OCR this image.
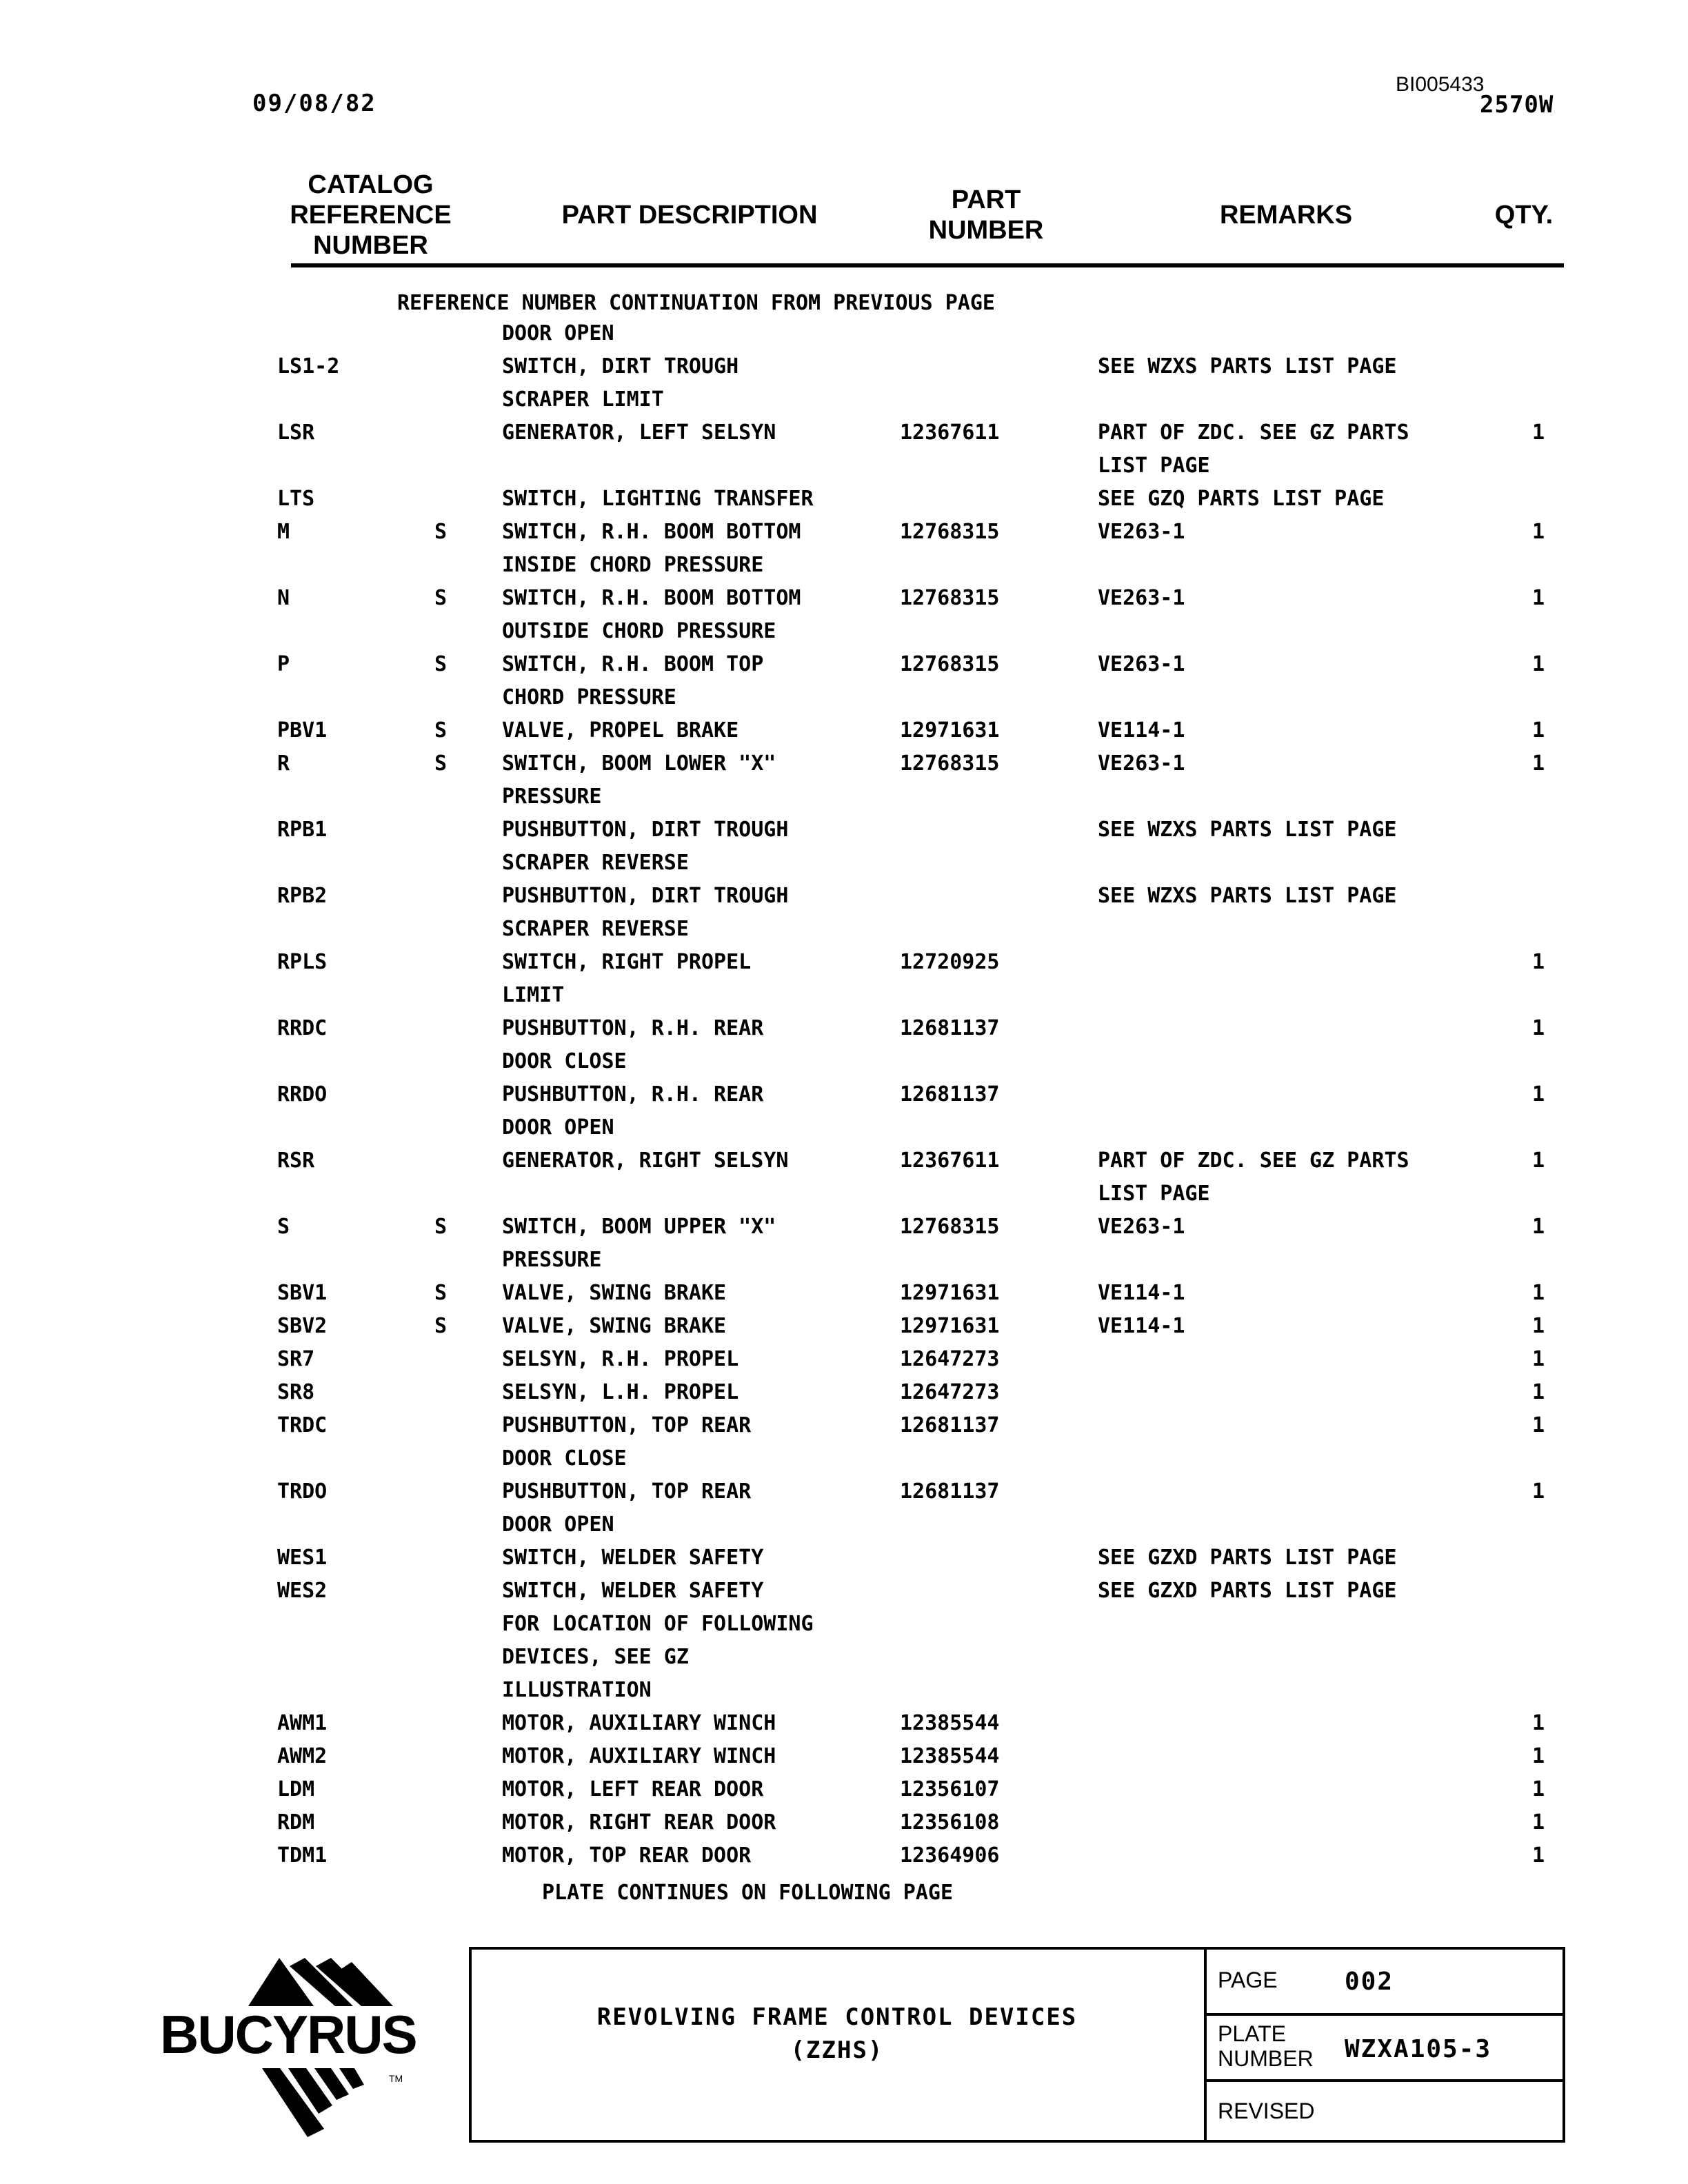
09/08/82
BI005433
2570W
CATALOG
REFERENCE
NUMBER
PART DESCRIPTION
PART
NUMBER
REMARKS	QTY.
REFERENCE NUMBER CONTINUATION FROM PREVIOUS PAGE
DOOR OPEN
LS1-2	SWITCH, DIRT TROUGH	SEE WZXS PARTS LIST PAGE
SCRAPER LIMIT
LSR	GENERATOR, LEFT SELSYN	12367611	PART OF ZDC. SEE GZ PARTS	1
LIST PAGE
LTS	SWITCH, LIGHTING TRANSFER	SEE GZQ PARTS LIST PAGE
M	S	SWITCH, R.H. BOOM BOTTOM	12768315	VE263-1	1
INSIDE CHORD PRESSURE
N	S	SWITCH, R.H. BOOM BOTTOM	12768315	VE263-1	1
OUTSIDE CHORD PRESSURE
P	S	SWITCH, R.H. BOOM TOP	12768315	VE263-1	1
CHORD PRESSURE
PBV1	S	VALVE, PROPEL BRAKE	12971631	VE114-1	1
R	S	SWITCH, BOOM LOWER "X"	12768315	VE263-1	1
PRESSURE
RPB1	PUSHBUTTON, DIRT TROUGH	SEE WZXS PARTS LIST PAGE
SCRAPER REVERSE
RPB2	PUSHBUTTON, DIRT TROUGH	SEE WZXS PARTS LIST PAGE
SCRAPER REVERSE
RPLS	SWITCH, RIGHT PROPEL	12720925	1
LIMIT
RRDC	PUSHBUTTON, R.H. REAR	12681137	1
DOOR CLOSE
RRDO	PUSHBUTTON, R.H. REAR	12681137	1
DOOR OPEN
RSR	GENERATOR, RIGHT SELSYN	12367611	PART OF ZDC. SEE GZ PARTS	1
LIST PAGE
S	S	SWITCH, BOOM UPPER "X"	12768315	VE263-1	1
PRESSURE
SBV1	S	VALVE, SWING BRAKE	12971631	VE114-1	1
SBV2	S	VALVE, SWING BRAKE	12971631	VE114-1	1
SR7	SELSYN, R.H. PROPEL	12647273	1
SR8	SELSYN, L.H. PROPEL	12647273	1
TRDC	PUSHBUTTON, TOP REAR	12681137	1
DOOR CLOSE
TRDO	PUSHBUTTON, TOP REAR	12681137	1
DOOR OPEN
WES1	SWITCH, WELDER SAFETY	SEE GZXD PARTS LIST PAGE
WES2	SWITCH, WELDER SAFETY	SEE GZXD PARTS LIST PAGE
FOR LOCATION OF FOLLOWING
DEVICES, SEE GZ
ILLUSTRATION
AWM1	MOTOR, AUXILIARY WINCH	12385544	1
AWM2	MOTOR, AUXILIARY WINCH	12385544	1
LDM	MOTOR, LEFT REAR DOOR	12356107	1
RDM	MOTOR, RIGHT REAR DOOR	12356108	1
TDM1	MOTOR, TOP REAR DOOR	12364906	1
PLATE CONTINUES ON FOLLOWING PAGE
BUCYRUS
TM
REVOLVING FRAME CONTROL DEVICES
(ZZHS)
PAGE	002
PLATE
NUMBER WZXA105-3
REVISED
